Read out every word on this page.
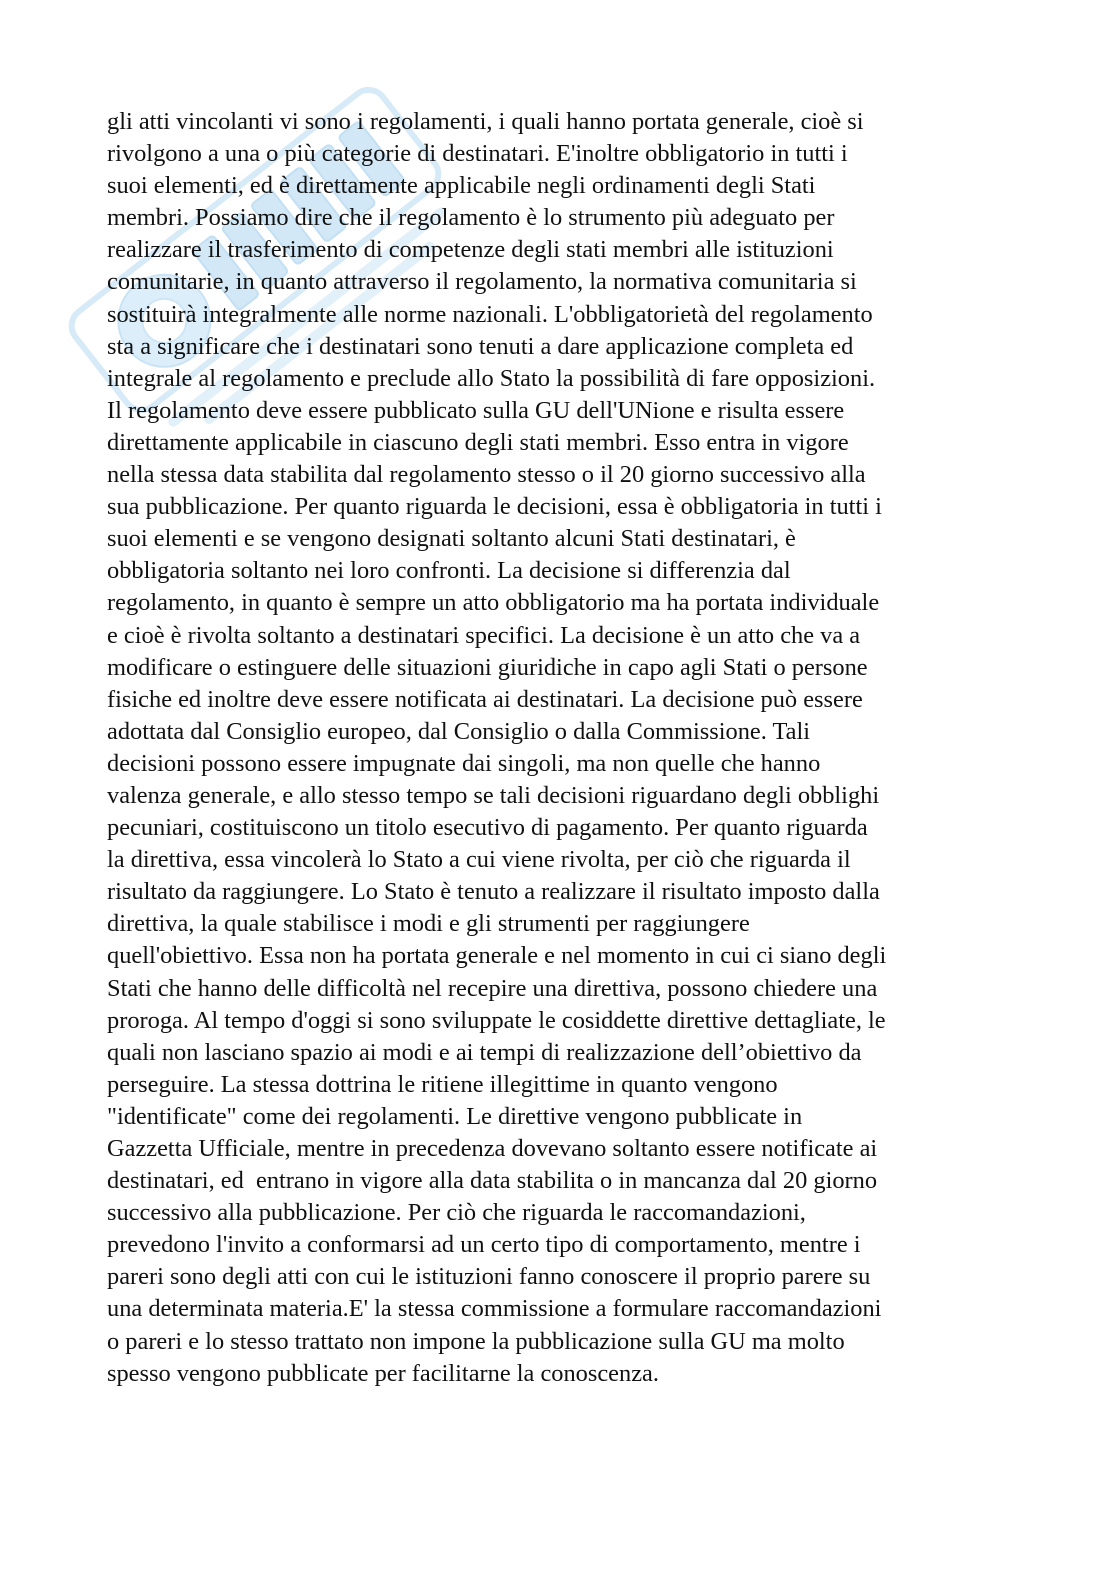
gli atti vincolanti vi sono i regolamenti, i quali hanno portata generale, cioè si
rivolgono a una o più categorie di destinatari. E'inoltre obbligatorio in tutti i
suoi elementi, ed è direttamente applicabile negli ordinamenti degli Stati
membri. Possiamo dire che il regolamento è lo strumento più adeguato per
realizzare il trasferimento di competenze degli stati membri alle istituzioni
comunitarie, in quanto attraverso il regolamento, la normativa comunitaria si
sostituirà integralmente alle norme nazionali. L'obbligatorietà del regolamento
sta a significare che i destinatari sono tenuti a dare applicazione completa ed
integrale al regolamento e preclude allo Stato la possibilità di fare opposizioni.
Il regolamento deve essere pubblicato sulla GU dell'UNione e risulta essere
direttamente applicabile in ciascuno degli stati membri. Esso entra in vigore
nella stessa data stabilita dal regolamento stesso o il 20 giorno successivo alla
sua pubblicazione. Per quanto riguarda le decisioni, essa è obbligatoria in tutti i
suoi elementi e se vengono designati soltanto alcuni Stati destinatari, è
obbligatoria soltanto nei loro confronti. La decisione si differenzia dal
regolamento, in quanto è sempre un atto obbligatorio ma ha portata individuale
e cioè è rivolta soltanto a destinatari specifici. La decisione è un atto che va a
modificare o estinguere delle situazioni giuridiche in capo agli Stati o persone
fisiche ed inoltre deve essere notificata ai destinatari. La decisione può essere
adottata dal Consiglio europeo, dal Consiglio o dalla Commissione. Tali
decisioni possono essere impugnate dai singoli, ma non quelle che hanno
valenza generale, e allo stesso tempo se tali decisioni riguardano degli obblighi
pecuniari, costituiscono un titolo esecutivo di pagamento. Per quanto riguarda
la direttiva, essa vincolerà lo Stato a cui viene rivolta, per ciò che riguarda il
risultato da raggiungere. Lo Stato è tenuto a realizzare il risultato imposto dalla
direttiva, la quale stabilisce i modi e gli strumenti per raggiungere
quell'obiettivo. Essa non ha portata generale e nel momento in cui ci siano degli
Stati che hanno delle difficoltà nel recepire una direttiva, possono chiedere una
proroga. Al tempo d'oggi si sono sviluppate le cosiddette direttive dettagliate, le
quali non lasciano spazio ai modi e ai tempi di realizzazione dell’obiettivo da
perseguire. La stessa dottrina le ritiene illegittime in quanto vengono
"identificate" come dei regolamenti. Le direttive vengono pubblicate in
Gazzetta Ufficiale, mentre in precedenza dovevano soltanto essere notificate ai
destinatari, ed  entrano in vigore alla data stabilita o in mancanza dal 20 giorno
successivo alla pubblicazione. Per ciò che riguarda le raccomandazioni,
prevedono l'invito a conformarsi ad un certo tipo di comportamento, mentre i
pareri sono degli atti con cui le istituzioni fanno conoscere il proprio parere su
una determinata materia.E' la stessa commissione a formulare raccomandazioni
o pareri e lo stesso trattato non impone la pubblicazione sulla GU ma molto
spesso vengono pubblicate per facilitarne la conoscenza.
